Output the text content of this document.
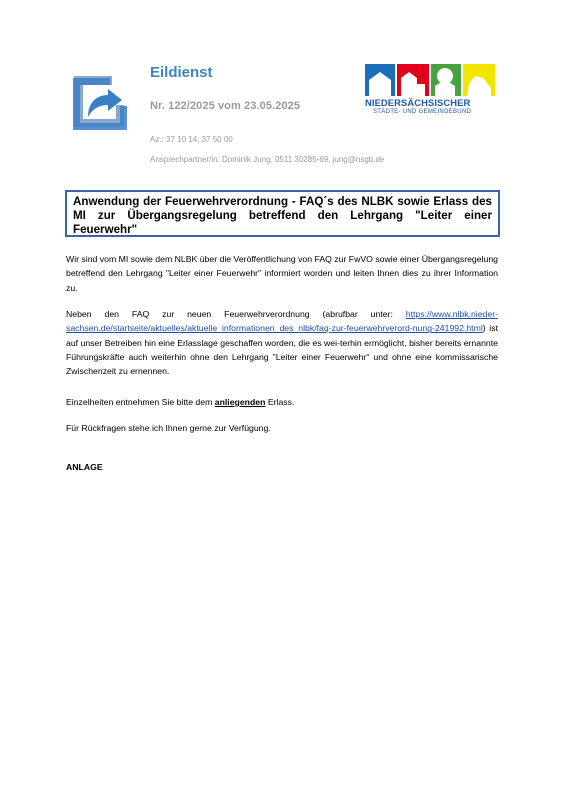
Eildienst
Nr. 122/2025 vom 23.05.2025
Az.: 37 10 14, 37 50 00
Ansprechpartner/in: Dominik Jung, 0511 30285-69, jung@nsgb.de
NIEDERSÄCHSISCHER
STÄDTE- UND GEMEINDEBUND

Anwendung der Feuerwehrverordnung - FAQ´s des NLBK sowie Erlass des MI zur Übergangsregelung betreffend den Lehrgang "Leiter einer Feuerwehr"

Wir sind vom MI sowie dem NLBK über die Veröffentlichung von FAQ zur FwVO sowie einer Übergangsregelung betreffend den Lehrgang "Leiter einer Feuerwehr" informiert worden und leiten Ihnen dies zu ihrer Information zu.

Neben den FAQ zur neuen Feuerwehrverordnung (abrufbar unter: https://www.nlbk.nieder-sachsen.de/startseite/aktuelles/aktuelle_informationen_des_nlbk/faq-zur-feuerwehrverord-nung-241992.html) ist auf unser Betreiben hin eine Erlasslage geschaffen worden, die es wei-terhin ermöglicht, bisher bereits ernannte Führungskräfte auch weiterhin ohne den Lehrgang "Leiter einer Feuerwehr" und ohne eine kommissarische Zwischenzeit zu ernennen.

Einzelheiten entnehmen Sie bitte dem anliegenden Erlass.

Für Rückfragen stehe ich Ihnen gerne zur Verfügung.

ANLAGE
